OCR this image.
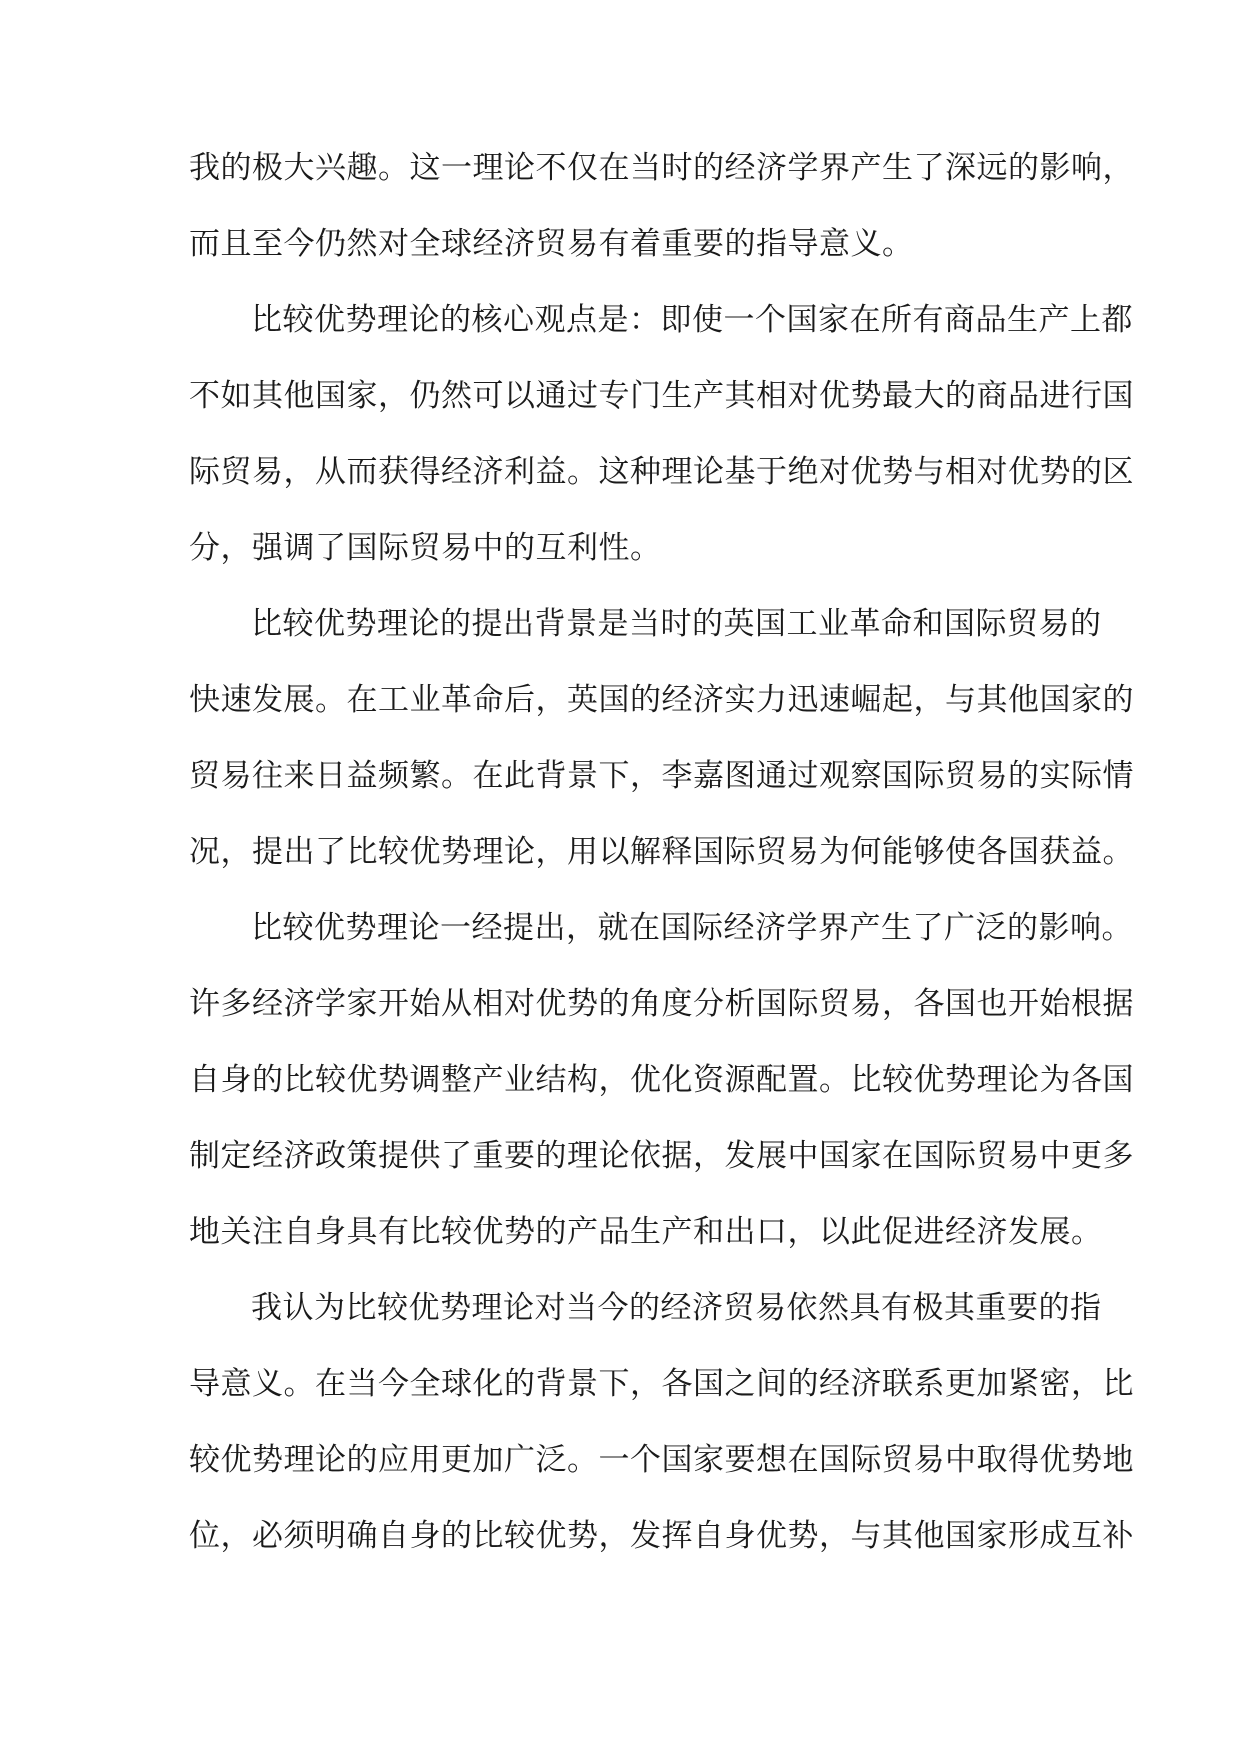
我的极大兴趣。这一理论不仅在当时的经济学界产生了深远的影响，
而且至今仍然对全球经济贸易有着重要的指导意义。
比较优势理论的核心观点是：即使一个国家在所有商品生产上都
不如其他国家，仍然可以通过专门生产其相对优势最大的商品进行国
际贸易，从而获得经济利益。这种理论基于绝对优势与相对优势的区
分，强调了国际贸易中的互利性。
比较优势理论的提出背景是当时的英国工业革命和国际贸易的
快速发展。在工业革命后，英国的经济实力迅速崛起，与其他国家的
贸易往来日益频繁。在此背景下，李嘉图通过观察国际贸易的实际情
况，提出了比较优势理论，用以解释国际贸易为何能够使各国获益。
比较优势理论一经提出，就在国际经济学界产生了广泛的影响。
许多经济学家开始从相对优势的角度分析国际贸易，各国也开始根据
自身的比较优势调整产业结构，优化资源配置。比较优势理论为各国
制定经济政策提供了重要的理论依据，发展中国家在国际贸易中更多
地关注自身具有比较优势的产品生产和出口，以此促进经济发展。
我认为比较优势理论对当今的经济贸易依然具有极其重要的指
导意义。在当今全球化的背景下，各国之间的经济联系更加紧密，比
较优势理论的应用更加广泛。一个国家要想在国际贸易中取得优势地
位，必须明确自身的比较优势，发挥自身优势，与其他国家形成互补
